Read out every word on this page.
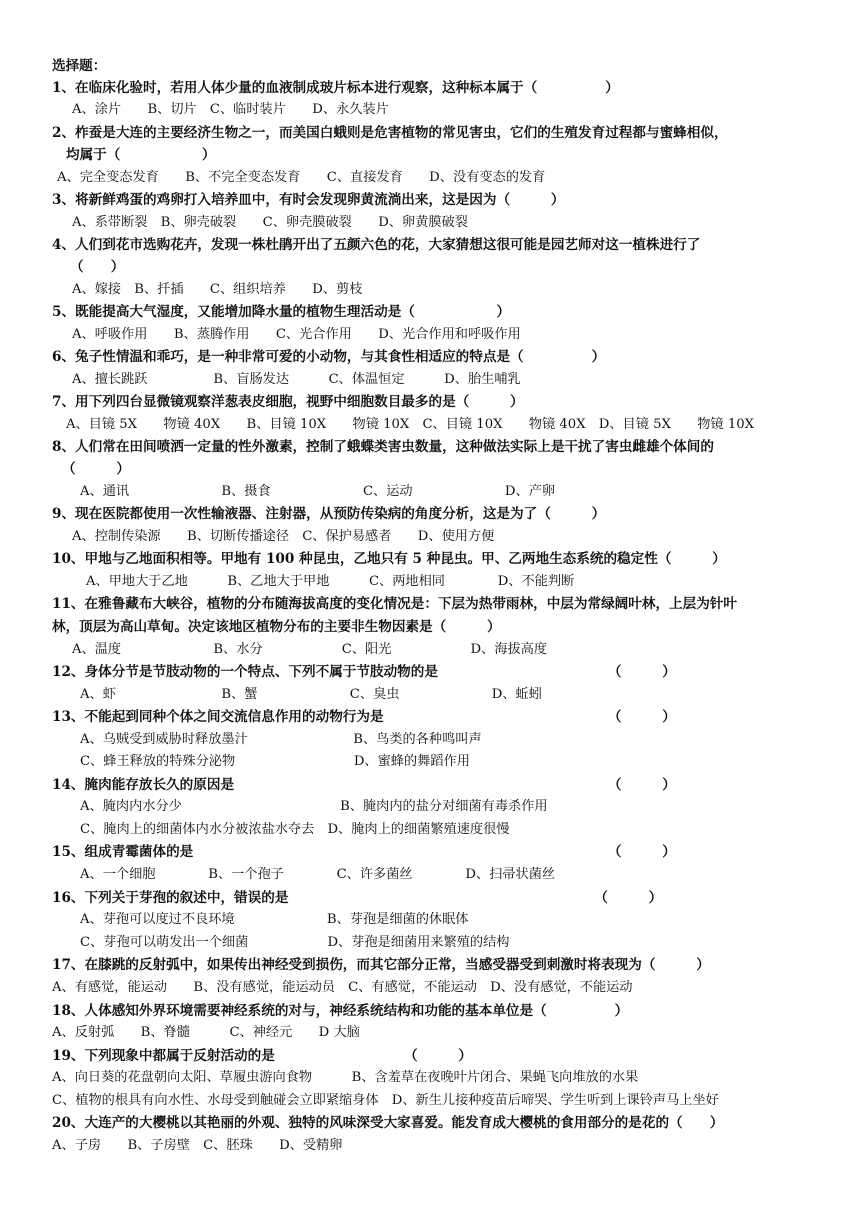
选择题：
1、在临床化验时，若用人体少量的血液制成玻片标本进行观察，这种标本属于（　　　　　）
A、涂片　　B、切片　C、临时装片　　D、永久装片
2、柞蚕是大连的主要经济生物之一，而美国白蛾则是危害植物的常见害虫，它们的生殖发育过程都与蜜蜂相似，
均属于（　　　　　　）
A、完全变态发育　　B、不完全变态发育　　C、直接发育　　D、没有变态的发育
3、将新鲜鸡蛋的鸡卵打入培养皿中，有时会发现卵黄流淌出来，这是因为（　　　）
A、系带断裂　B、卵壳破裂　　C、卵壳膜破裂　　D、卵黄膜破裂
4、人们到花市选购花卉，发现一株杜鹃开出了五颜六色的花，大家猜想这很可能是园艺师对这一植株进行了
（　　）
A、嫁接　B、扦插　　C、组织培养　　D、剪枝
5、既能提高大气湿度，又能增加降水量的植物生理活动是（　　　　　　）
A、呼吸作用　　B、蒸腾作用　　C、光合作用　　D、光合作用和呼吸作用
6、兔子性情温和乖巧，是一种非常可爱的小动物，与其食性相适应的特点是（　　　　　）
A、擅长跳跃　　　　　B、盲肠发达　　　C、体温恒定　　　D、胎生哺乳
7、用下列四台显微镜观察洋葱表皮细胞，视野中细胞数目最多的是（　　　）
A、目镜 5X　　物镜 40X　　B、目镜 10X　　物镜 10X　C、目镜 10X　　物镜 40X　D、目镜 5X　　物镜 10X
8、人们常在田间喷洒一定量的性外激素，控制了蛾蝶类害虫数量，这种做法实际上是干扰了害虫雌雄个体间的
（　　　）
A、通讯　　　　　　　B、摄食　　　　　　　C、运动　　　　　　　D、产卵
9、现在医院都使用一次性输液器、注射器，从预防传染病的角度分析，这是为了（　　　）
A、控制传染源　　B、切断传播途径　C、保护易感者　　D、使用方便
10、甲地与乙地面积相等。甲地有 100 种昆虫，乙地只有 5 种昆虫。甲、乙两地生态系统的稳定性（　　　）
A、甲地大于乙地　　　B、乙地大于甲地　　　C、两地相同　　　　D、不能判断
11、在雅鲁藏布大峡谷，植物的分布随海拔高度的变化情况是：下层为热带雨林，中层为常绿阔叶林，上层为针叶
林，顶层为高山草甸。决定该地区植物分布的主要非生物因素是（　　　）
A、温度　　　　　　　B、水分　　　　　　C、阳光　　　　　　D、海拔高度
12、身体分节是节肢动物的一个特点、下列不属于节肢动物的是　　　　　　　　　　　　　（　　　）
A、虾　　　　　　　　B、蟹　　　　　　　C、臭虫　　　　　　　D、蚯蚓
13、不能起到同种个体之间交流信息作用的动物行为是　　　　　　　　　　　　　　　　　（　　　）
A、乌贼受到威胁时释放墨汁　　　　　　　　B、鸟类的各种鸣叫声
C、蜂王释放的特殊分泌物　　　　　　　　　D、蜜蜂的舞蹈作用
14、腌肉能存放长久的原因是　　　　　　　　　　　　　　　　　　　　　　　　　　　　（　　　）
A、腌肉内水分少　　　　　　　　　　　　B、腌肉内的盐分对细菌有毒杀作用
C、腌肉上的细菌体内水分被浓盐水夺去　D、腌肉上的细菌繁殖速度很慢
15、组成青霉菌体的是　　　　　　　　　　　　　　　　　　　　　　　　　　　　　　　（　　　）
A、一个细胞　　　　B、一个孢子　　　　C、许多菌丝　　　　D、扫帚状菌丝
16、下列关于芽孢的叙述中，错误的是　　　　　　　　　　　　　　　　　　　　　　　（　　　）
A、芽孢可以度过不良环境　　　　　　　B、芽孢是细菌的休眠体
C、芽孢可以萌发出一个细菌　　　　　　D、芽孢是细菌用来繁殖的结构
17、在膝跳的反射弧中，如果传出神经受到损伤，而其它部分正常，当感受器受到刺激时将表现为（　　　）
A、有感觉，能运动　　B、没有感觉，能运动员　C、有感觉，不能运动　D、没有感觉，不能运动
18、人体感知外界环境需要神经系统的对与，神经系统结构和功能的基本单位是（　　　　　）
A、反射弧　　B、脊髓　　　C、神经元　　D 大脑
19、下列现象中都属于反射活动的是　　　　　　　　　　（　　　）
A、向日葵的花盘朝向太阳、草履虫游向食物　　　B、含羞草在夜晚叶片闭合、果蝇飞向堆放的水果
C、植物的根具有向水性、水母受到触碰会立即紧缩身体　D、新生儿接种疫苗后啼哭、学生听到上课铃声马上坐好
20、大连产的大樱桃以其艳丽的外观、独特的风味深受大家喜爱。能发育成大樱桃的食用部分的是花的（　　）
A、子房　　B、子房壁　C、胚珠　　D、受精卵
